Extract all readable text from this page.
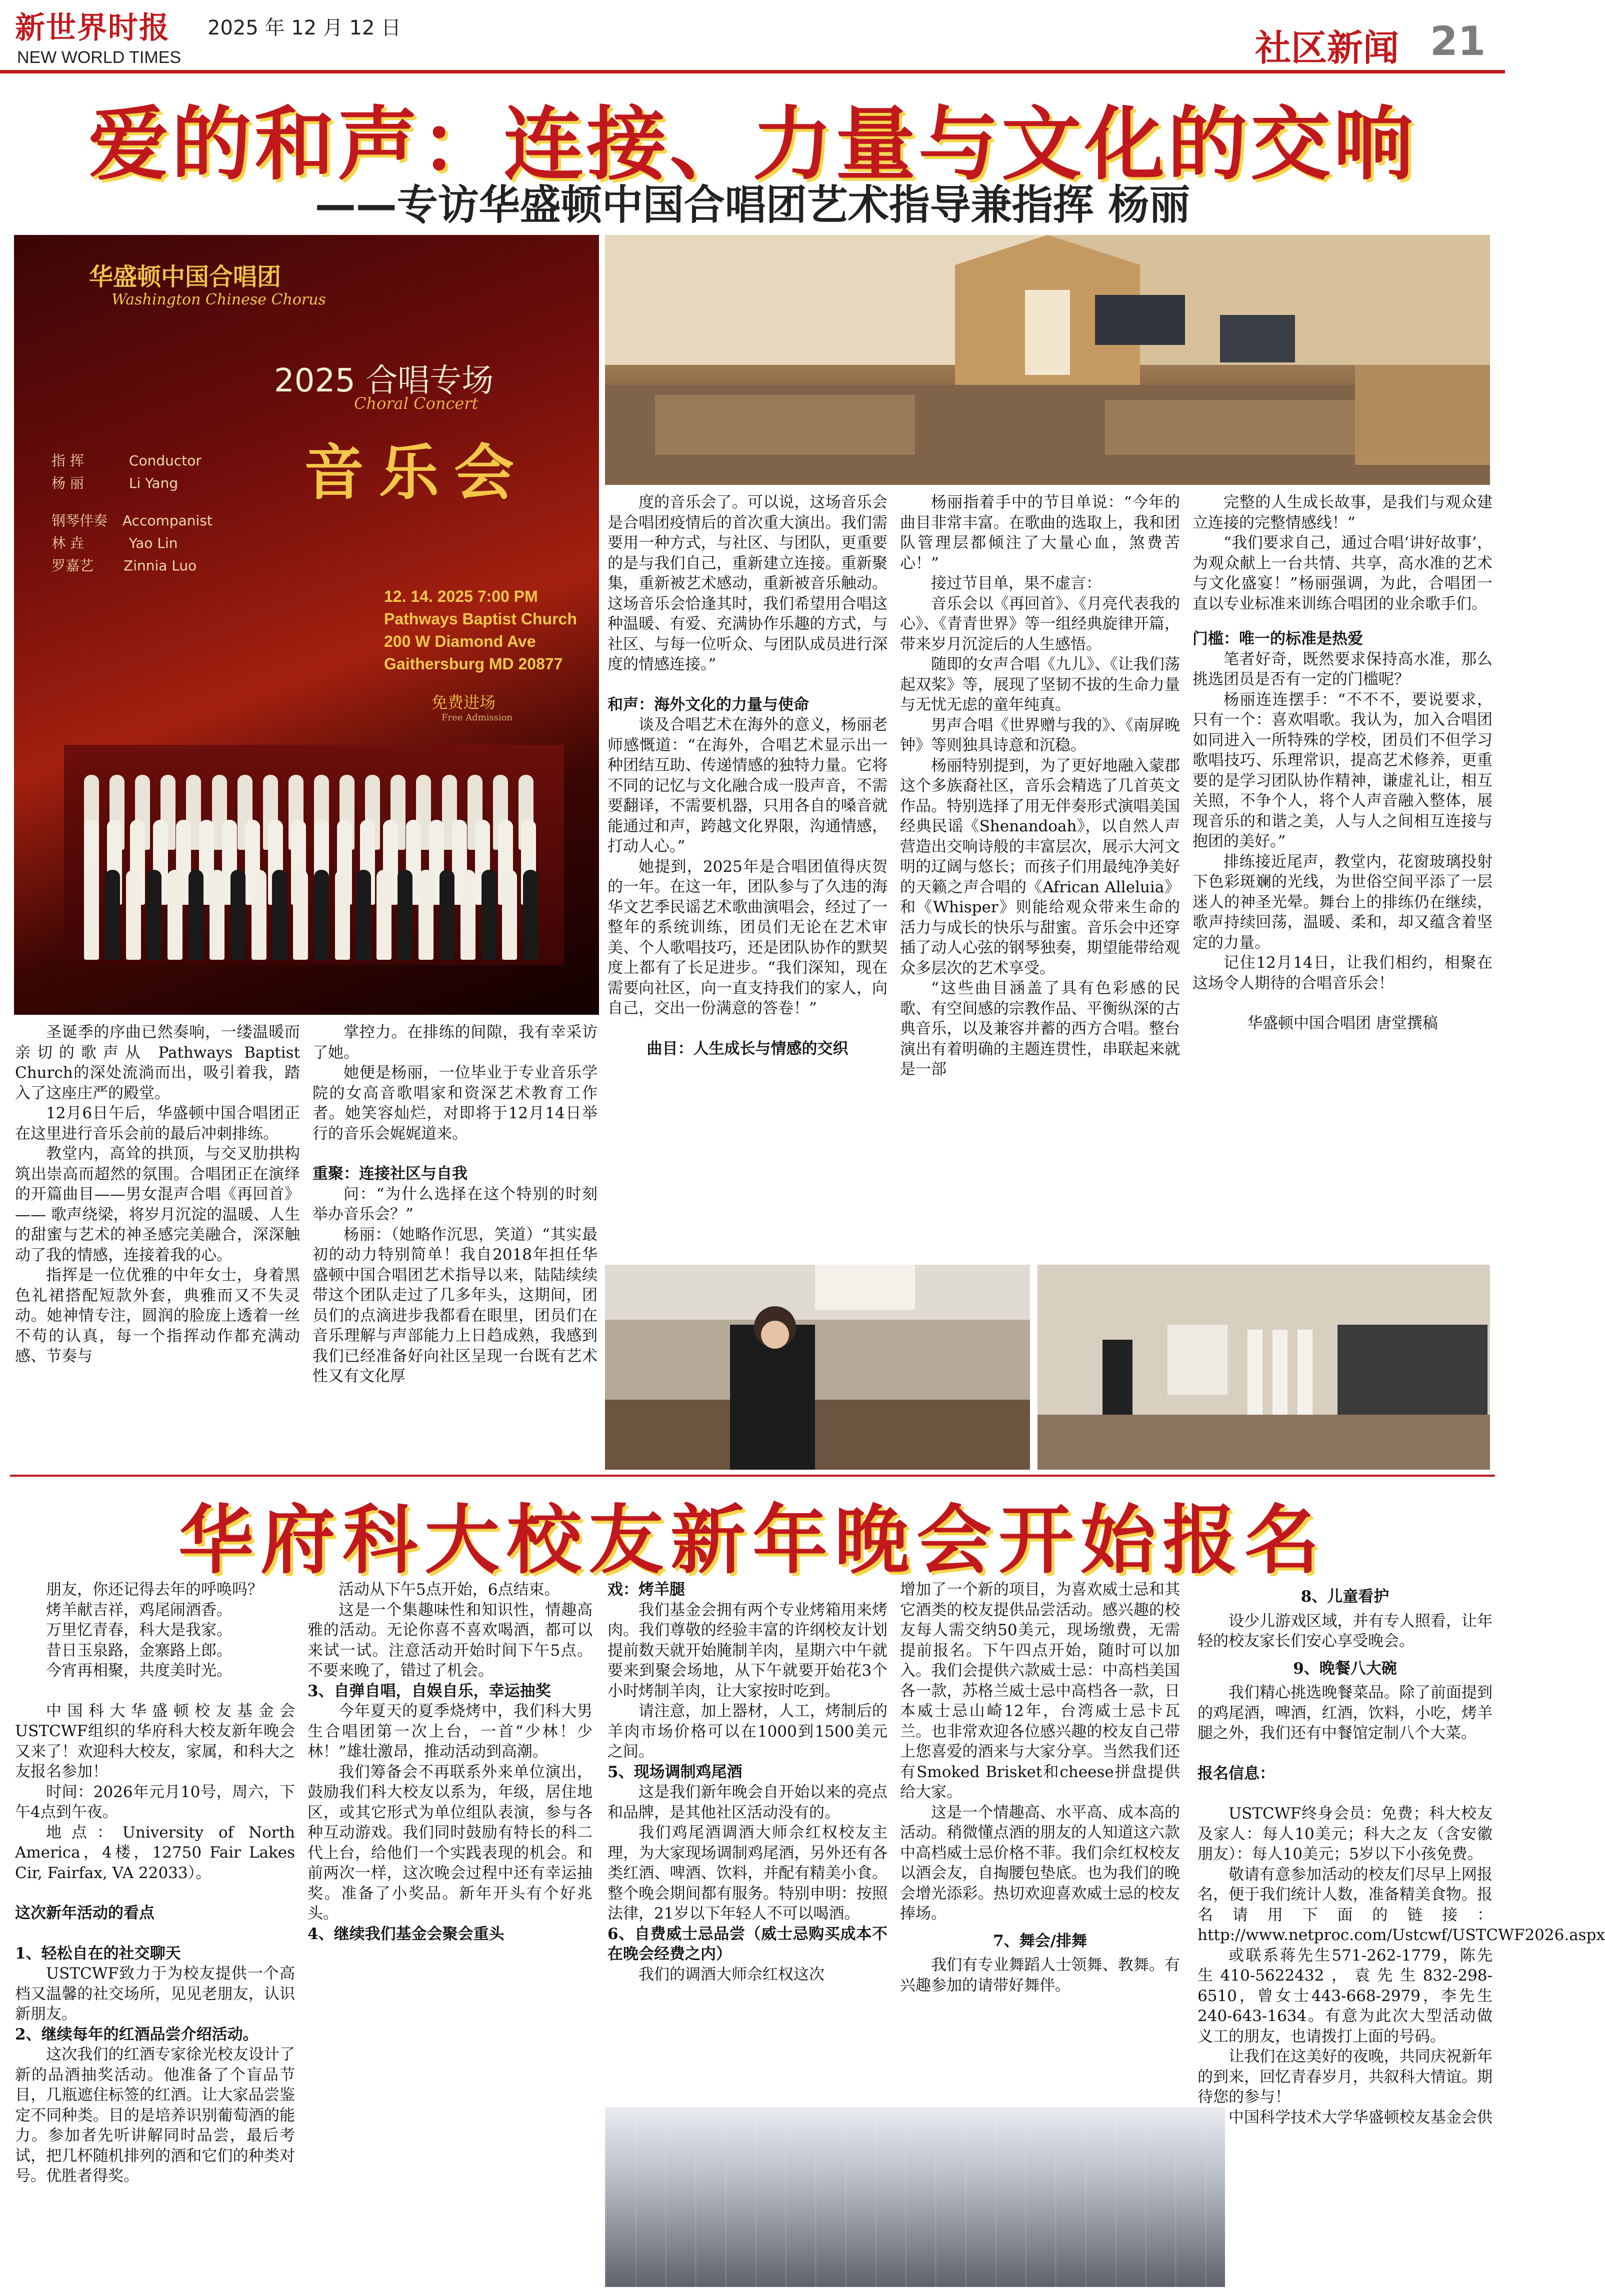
新世界时报
NEW WORLD TIMES
2025 年 12 月 12 日	社区新闻 21
爱的和声：连接、力量与文化的交响
——专访华盛顿中国合唱团艺术指导兼指挥 杨丽
华盛顿中国合唱团
Washington Chinese Chorus
2025 合唱专场
Choral Concert
音乐会
指 挥	Conductor
杨 丽	Li Yang
钢琴伴奏 Accompanist
林 垚	Yao Lin
罗嘉艺 Zinnia Luo
12. 14. 2025 7:00 PM
Pathways Baptist Church
200 W Diamond Ave
Gaithersburg MD 20877
免费进场
Free Admission

圣诞季的序曲已然奏响，一缕温暖而亲切的歌声从 Pathways Baptist Church的深处流淌而出，吸引着我，踏入了这座庄严的殿堂。

12月6日午后，华盛顿中国合唱团正在这里进行音乐会前的最后冲刺排练。

教堂内，高耸的拱顶，与交叉肋拱构筑出崇高而超然的氛围。合唱团正在演绎的开篇曲目——男女混声合唱《再回首》—— 歌声绕梁，将岁月沉淀的温暖、人生的甜蜜与艺术的神圣感完美融合，深深触动了我的情感，连接着我的心。

指挥是一位优雅的中年女士，身着黑色礼裙搭配短款外套，典雅而又不失灵动。她神情专注，圆润的脸庞上透着一丝不苟的认真，每一个指挥动作都充满动感、节奏与

掌控力。在排练的间隙，我有幸采访了她。

她便是杨丽，一位毕业于专业音乐学院的女高音歌唱家和资深艺术教育工作者。她笑容灿烂，对即将于12月14日举行的音乐会娓娓道来。

重聚：连接社区与自我

问：“为什么选择在这个特别的时刻举办音乐会？”

杨丽：（她略作沉思，笑道）“其实最初的动力特别简单！我自2018年担任华盛顿中国合唱团艺术指导以来，陆陆续续带这个团队走过了几多年头，这期间，团员们的点滴进步我都看在眼里，团员们在音乐理解与声部能力上日趋成熟，我感到我们已经准备好向社区呈现一台既有艺术性又有文化厚

度的音乐会了。可以说，这场音乐会是合唱团疫情后的首次重大演出。我们需要用一种方式，与社区、与团队，更重要的是与我们自己，重新建立连接。重新聚集，重新被艺术感动，重新被音乐触动。这场音乐会恰逢其时，我们希望用合唱这种温暖、有爱、充满协作乐趣的方式，与社区、与每一位听众、与团队成员进行深度的情感连接。”

和声：海外文化的力量与使命

谈及合唱艺术在海外的意义，杨丽老师感慨道：“在海外，合唱艺术显示出一种团结互助、传递情感的独特力量。它将不同的记忆与文化融合成一股声音，不需要翻译，不需要机器，只用各自的嗓音就能通过和声，跨越文化界限，沟通情感，打动人心。”

她提到，2025年是合唱团值得庆贺的一年。在这一年，团队参与了久违的海华文艺季民谣艺术歌曲演唱会，经过了一整年的系统训练，团员们无论在艺术审美、个人歌唱技巧，还是团队协作的默契度上都有了长足进步。“我们深知，现在需要向社区，向一直支持我们的家人，向自己，交出一份满意的答卷！”

曲目：人生成长与情感的交织

杨丽指着手中的节目单说：“今年的曲目非常丰富。在歌曲的选取上，我和团队管理层都倾注了大量心血，煞费苦心！”

接过节目单，果不虚言：

音乐会以《再回首》、《月亮代表我的心》、《青青世界》等一组经典旋律开篇，带来岁月沉淀后的人生感悟。

随即的女声合唱《九儿》、《让我们荡起双桨》等，展现了坚韧不拔的生命力量与无忧无虑的童年纯真。

男声合唱《世界赠与我的》、《南屏晚钟》等则独具诗意和沉稳。

杨丽特别提到，为了更好地融入蒙郡这个多族裔社区，音乐会精选了几首英文作品。特别选择了用无伴奏形式演唱美国经典民谣《Shenandoah》，以自然人声营造出交响诗般的丰富层次，展示大河文明的辽阔与悠长；而孩子们用最纯净美好的天籁之声合唱的《African Alleluia》和《Whisper》则能给观众带来生命的活力与成长的快乐与甜蜜。音乐会中还穿插了动人心弦的钢琴独奏，期望能带给观众多层次的艺术享受。

“这些曲目涵盖了具有色彩感的民歌、有空间感的宗教作品、平衡纵深的古典音乐，以及兼容并蓄的西方合唱。整台演出有着明确的主题连贯性，串联起来就是一部

完整的人生成长故事，是我们与观众建立连接的完整情感线！”

“我们要求自己，通过合唱‘讲好故事’，为观众献上一台共情、共享，高水准的艺术与文化盛宴！”杨丽强调，为此，合唱团一直以专业标准来训练合唱团的业余歌手们。

门槛：唯一的标准是热爱

笔者好奇，既然要求保持高水准，那么挑选团员是否有一定的门槛呢？

杨丽连连摆手：“不不不，要说要求，只有一个：喜欢唱歌。我认为，加入合唱团如同进入一所特殊的学校，团员们不但学习歌唱技巧、乐理常识，提高艺术修养，更重要的是学习团队协作精神，谦虚礼让，相互关照，不争个人，将个人声音融入整体，展现音乐的和谐之美，人与人之间相互连接与抱团的美好。”

排练接近尾声，教堂内，花窗玻璃投射下色彩斑斓的光线，为世俗空间平添了一层迷人的神圣光晕。舞台上的排练仍在继续，歌声持续回荡，温暖、柔和，却又蕴含着坚定的力量。

记住12月14日，让我们相约，相聚在这场令人期待的合唱音乐会！

华盛顿中国合唱团 唐堂撰稿

华府科大校友新年晚会开始报名

朋友，你还记得去年的呼唤吗？

烤羊献吉祥，鸡尾闹酒香。

万里忆青春，科大是我家。

昔日玉泉路，金寨路上郎。

今宵再相聚，共度美时光。

中国科大华盛顿校友基金会USTCWF组织的华府科大校友新年晚会又来了！欢迎科大校友，家属，和科大之友报名参加！

时间：2026年元月10号，周六，下午4点到午夜。

地点：University of North America，4楼，12750 Fair Lakes Cir, Fairfax, VA 22033）。

这次新年活动的看点

1、轻松自在的社交聊天

USTCWF致力于为校友提供一个高档又温馨的社交场所，见见老朋友，认识新朋友。

2、继续每年的红酒品尝介绍活动。

这次我们的红酒专家徐光校友设计了新的品酒抽奖活动。他准备了个盲品节目，几瓶遮住标签的红酒。让大家品尝鉴定不同种类。目的是培养识别葡萄酒的能力。参加者先听讲解同时品尝，最后考试，把几杯随机排列的酒和它们的种类对号。优胜者得奖。

活动从下午5点开始，6点结束。

这是一个集趣味性和知识性，情趣高雅的活动。无论你喜不喜欢喝酒，都可以来试一试。注意活动开始时间下午5点。不要来晚了，错过了机会。

3、自弹自唱，自娱自乐，幸运抽奖

今年夏天的夏季烧烤中，我们科大男生合唱团第一次上台，一首“少林！少林！”雄壮激昂，推动活动到高潮。

我们筹备会不再联系外来单位演出，鼓励我们科大校友以系为，年级，居住地区，或其它形式为单位组队表演，参与各种互动游戏。我们同时鼓励有特长的科二代上台，给他们一个实践表现的机会。和前两次一样，这次晚会过程中还有幸运抽奖。准备了小奖品。新年开头有个好兆头。

4、继续我们基金会聚会重头

戏：烤羊腿

我们基金会拥有两个专业烤箱用来烤肉。我们尊敬的经验丰富的许纲校友计划提前数天就开始腌制羊肉，星期六中午就要来到聚会场地，从下午就要开始花3个小时烤制羊肉，让大家按时吃到。

请注意，加上器材，人工，烤制后的羊肉市场价格可以在1000到1500美元之间。

5、现场调制鸡尾酒

这是我们新年晚会自开始以来的亮点和品牌，是其他社区活动没有的。

我们鸡尾酒调酒大师佘红权校友主理，为大家现场调制鸡尾酒，另外还有各类红酒、啤酒、饮料，并配有精美小食。整个晚会期间都有服务。特别申明：按照法律，21岁以下年轻人不可以喝酒。

6、自费威士忌品尝（威士忌购买成本不在晚会经费之内）

我们的调酒大师佘红权这次

增加了一个新的项目，为喜欢威士忌和其它酒类的校友提供品尝活动。感兴趣的校友每人需交纳50美元，现场缴费，无需提前报名。下午四点开始，随时可以加入。我们会提供六款威士忌：中高档美国各一款，苏格兰威士忌中高档各一款，日本威士忌山崎12年，台湾威士忌卡瓦兰。也非常欢迎各位感兴趣的校友自己带上您喜爱的酒来与大家分享。当然我们还有Smoked Brisket和cheese拼盘提供给大家。

这是一个情趣高、水平高、成本高的活动。稍微懂点酒的朋友的人知道这六款中高档威士忌价格不菲。我们佘红权校友以酒会友，自掏腰包垫底。也为我们的晚会增光添彩。热切欢迎喜欢威士忌的校友捧场。

7、舞会/排舞

我们有专业舞蹈人士领舞、教舞。有兴趣参加的请带好舞伴。

8、儿童看护

设少儿游戏区域，并有专人照看，让年轻的校友家长们安心享受晚会。

9、晚餐八大碗

我们精心挑选晚餐菜品。除了前面提到的鸡尾酒，啤酒，红酒，饮料，小吃，烤羊腿之外，我们还有中餐馆定制八个大菜。

报名信息：

USTCWF终身会员：免费；科大校友及家人：每人10美元；科大之友（含安徽朋友）：每人10美元；5岁以下小孩免费。

敬请有意参加活动的校友们尽早上网报名，便于我们统计人数，准备精美食物。报名请用下面的链接：http://www.netproc.com/Ustcwf/USTCWF2026.aspx

或联系蒋先生571-262-1779，陈先生410-5622432，袁先生832-298-6510，曾女士443-668-2979，李先生240-643-1634。有意为此次大型活动做义工的朋友，也请拨打上面的号码。

让我们在这美好的夜晚，共同庆祝新年的到来，回忆青春岁月，共叙科大情谊。期待您的参与！

中国科学技术大学华盛顿校友基金会供
